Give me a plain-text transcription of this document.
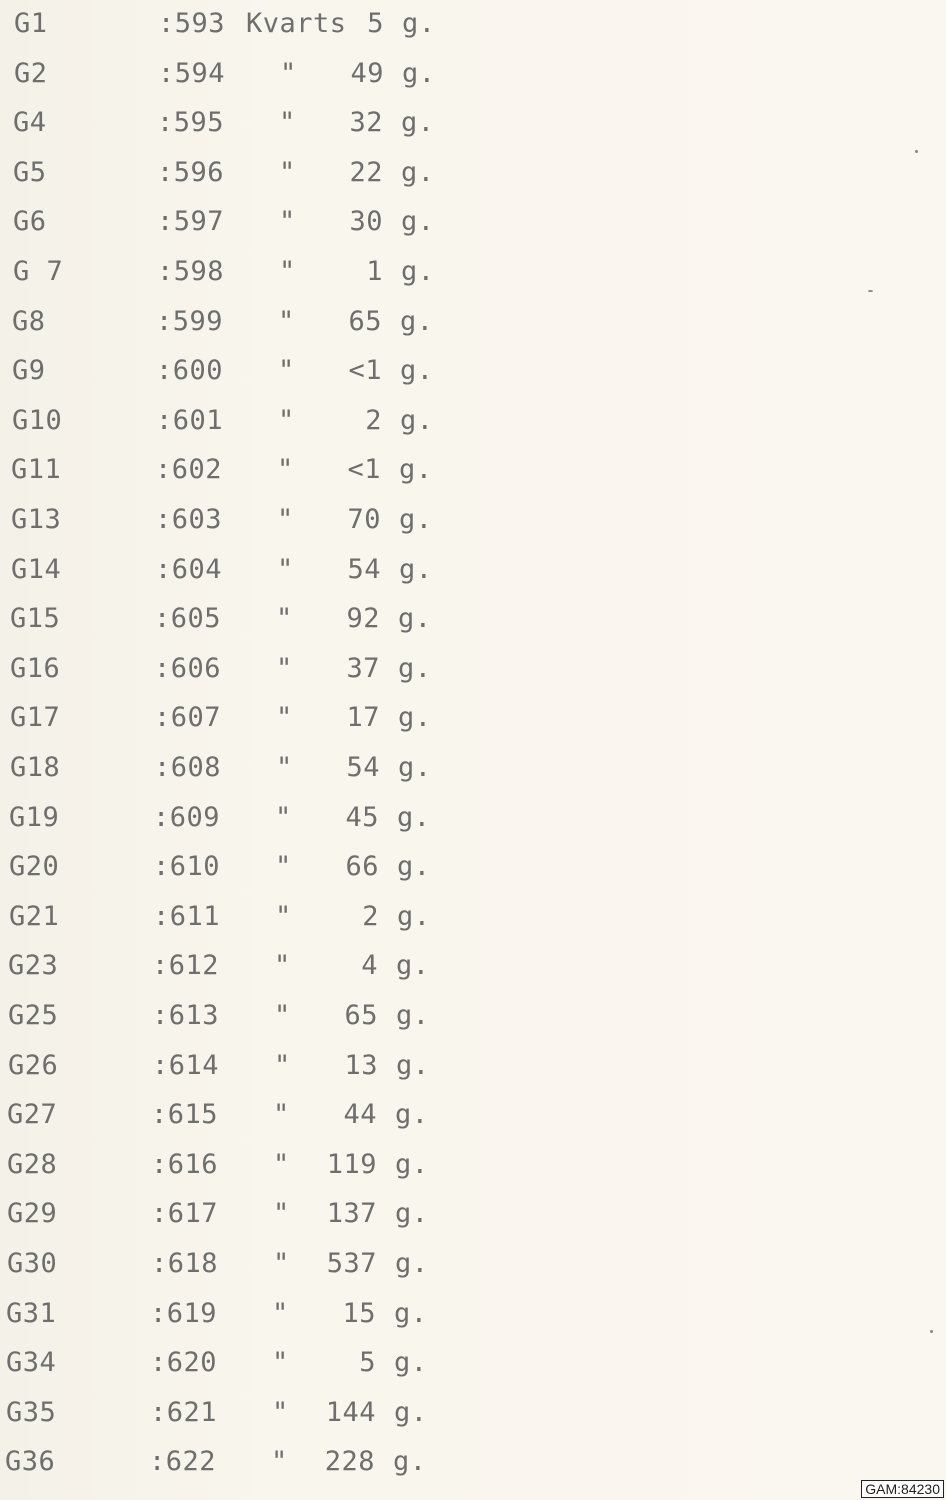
G1	:593 Kvarts 5 g.
G2	:594 "	49 g.
G4	:595 "	32 g.
G5	:596 "	22 g.
G6	:597 "	30 g.
G 7	:598 "	1 g.
G8	:599 "	65 g.
G9	:600 "	<1 g.
G10	:601 "	2 g.
G11	:602 "	<1 g.
G13	:603 "	70 g.
G14	:604 "	54 g.
G15	:605 "	92 g.
G16	:606 "	37 g.
G17	:607 "	17 g.
G18	:608 "	54 g.
G19	:609 "	45 g.
G20	:610 "	66 g.
G21	:611 "	2 g.
G23	:612 "	4 g.
G25	:613 "	65 g.
G26	:614 "	13 g.
G27	:615 "	44 g.
G28	:616 "	119 g.
G29	:617 "	137 g.
G30	:618 "	537 g.
G31	:619 "	15 g.
G34	:620 "	5 g.
G35	:621 "	144 g.
G36	:622 "	228 g.
GAM:84230
